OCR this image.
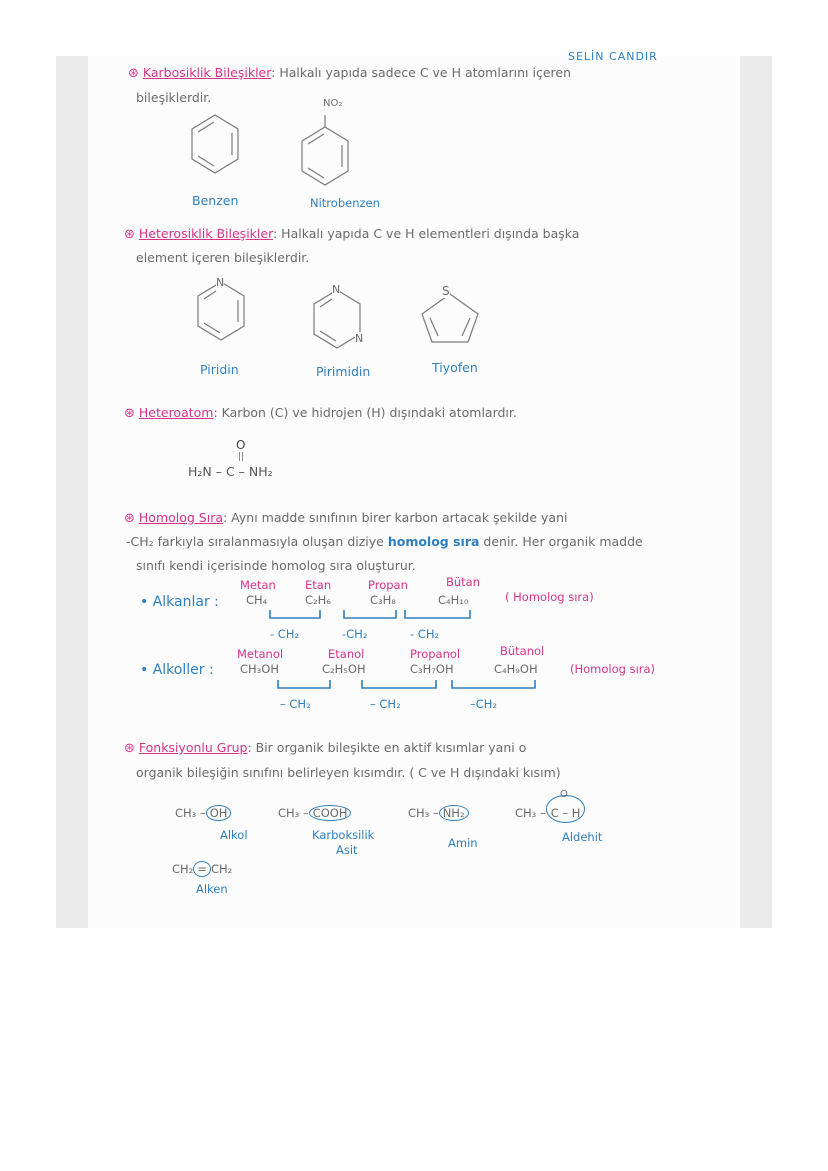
SELİN CANDIR
⊛ Karbosiklik Bileşikler: Halkalı yapıda sadece C ve H atomlarını içeren
bileşiklerdir.	NO₂
Benzen	Nitrobenzen
⊛ Heterosiklik Bileşikler: Halkalı yapıda C ve H elementleri dışında başka
element içeren bileşiklerdir.
N
N
N
S
Piridin	Pirimidin	Tiyofen
⊛ Heteroatom: Karbon (C) ve hidrojen (H) dışındaki atomlardır.
O
||
H₂N – C – NH₂
⊛ Homolog Sıra: Aynı madde sınıfının birer karbon artacak şekilde yani
-CH₂ farkıyla sıralanmasıyla oluşan diziye homolog sıra denir. Her organik madde
sınıfı kendi içerisinde homolog sıra oluşturur.
• Alkanlar :
Metan	Etan	Propan	Bütan
CH₄	C₂H₆	C₃H₈	C₄H₁₀	( Homolog sıra)
- CH₂	-CH₂	- CH₂
• Alkoller :
Metanol	Etanol	Propanol	Bütanol
CH₃OH	C₂H₅OH	C₃H₇OH	C₄H₉OH	(Homolog sıra)
– CH₂	– CH₂	–CH₂
⊛ Fonksiyonlu Grup: Bir organik bileşikte en aktif kısımlar yani o
organik bileşiğin sınıfını belirleyen kısımdır. ( C ve H dışındaki kısım)
CH₃ – OH
Alkol
CH₃ – COOH
Karboksilik
Asit
CH₃ – NH₂
Amin
CH₃ – C – H
O
Aldehit
CH₂ = CH₂
Alken
